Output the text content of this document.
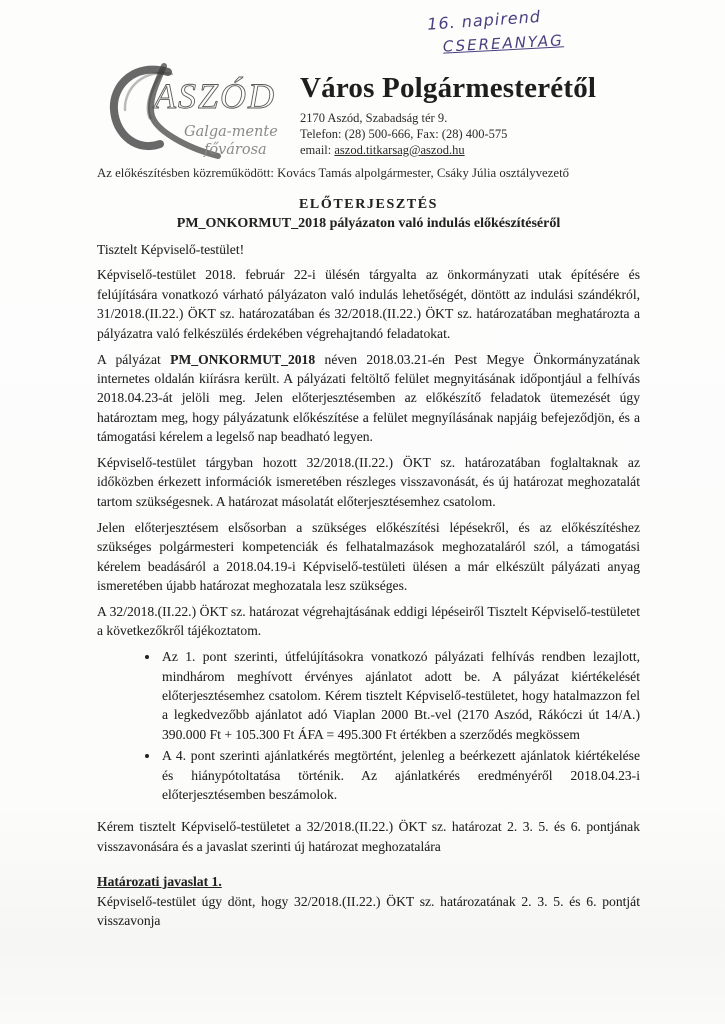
16. napirend
CSEREANYAG
ASZÓD
Galga-mente
fővárosa
Város Polgármesterétől
2170 Aszód, Szabadság tér 9.
Telefon: (28) 500-666, Fax: (28) 400-575
email: aszod.titkarsag@aszod.hu
Az előkészítésben közreműködött: Kovács Tamás alpolgármester, Csáky Júlia osztályvezető
ELŐTERJESZTÉS
PM_ONKORMUT_2018 pályázaton való indulás előkészítéséről

Tisztelt Képviselő-testület!

Képviselő-testület 2018. február 22-i ülésén tárgyalta az önkormányzati utak építésére és felújítására vonatkozó várható pályázaton való indulás lehetőségét, döntött az indulási szándékról, 31/2018.(II.22.) ÖKT sz. határozatában és 32/2018.(II.22.) ÖKT sz. határozatában meghatározta a pályázatra való felkészülés érdekében végrehajtandó feladatokat.

A pályázat PM_ONKORMUT_2018 néven 2018.03.21-én Pest Megye Önkormányzatának internetes oldalán kiírásra került. A pályázati feltöltő felület megnyitásának időpontjául a felhívás 2018.04.23-át jelöli meg. Jelen előterjesztésemben az előkészítő feladatok ütemezését úgy határoztam meg, hogy pályázatunk előkészítése a felület megnyílásának napjáig befejeződjön, és a támogatási kérelem a legelső nap beadható legyen.

Képviselő-testület tárgyban hozott 32/2018.(II.22.) ÖKT sz. határozatában foglaltaknak az időközben érkezett információk ismeretében részleges visszavonását, és új határozat meghozatalát tartom szükségesnek. A határozat másolatát előterjesztésemhez csatolom.

Jelen előterjesztésem elsősorban a szükséges előkészítési lépésekről, és az előkészítéshez szükséges polgármesteri kompetenciák és felhatalmazások meghozataláról szól, a támogatási kérelem beadásáról a 2018.04.19-i Képviselő-testületi ülésen a már elkészült pályázati anyag ismeretében újabb határozat meghozatala lesz szükséges.

A 32/2018.(II.22.) ÖKT sz. határozat végrehajtásának eddigi lépéseiről Tisztelt Képviselő-testületet a következőkről tájékoztatom.

• Az 1. pont szerinti, útfelújításokra vonatkozó pályázati felhívás rendben lezajlott, mindhárom meghívott érvényes ajánlatot adott be. A pályázat kiértékelését előterjesztésemhez csatolom. Kérem tisztelt Képviselő-testületet, hogy hatalmazzon fel a legkedvezőbb ajánlatot adó Viaplan 2000 Bt.-vel (2170 Aszód, Rákóczi út 14/A.) 390.000 Ft + 105.300 Ft ÁFA = 495.300 Ft értékben a szerződés megkössem
• A 4. pont szerinti ajánlatkérés megtörtént, jelenleg a beérkezett ajánlatok kiértékelése és hiánypótoltatása történik. Az ajánlatkérés eredményéről 2018.04.23-i előterjesztésemben beszámolok.

Kérem tisztelt Képviselő-testületet a 32/2018.(II.22.) ÖKT sz. határozat 2. 3. 5. és 6. pontjának visszavonására és a javaslat szerinti új határozat meghozatalára

Határozati javaslat 1.

Képviselő-testület úgy dönt, hogy 32/2018.(II.22.) ÖKT sz. határozatának 2. 3. 5. és 6. pontját visszavonja
